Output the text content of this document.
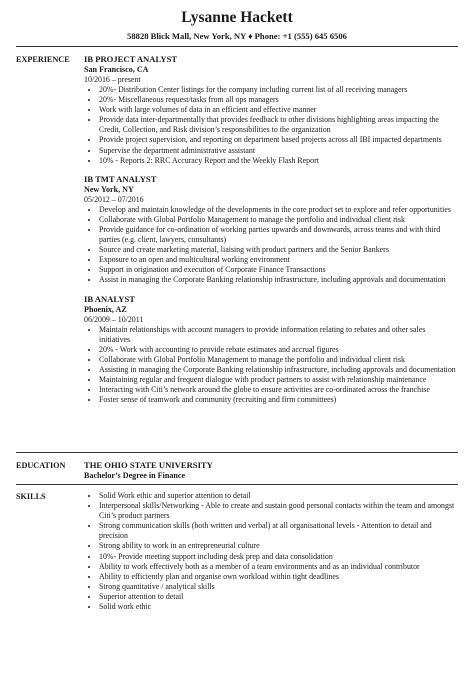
Lysanne Hackett
58828 Blick Mall, New York, NY ♦ Phone: +1 (555) 645 6506
EXPERIENCE IB PROJECT ANALYST
San Francisco, CA
10/2016 – present
• 20%- Distribution Center listings for the company including current list of all receiving managers
• 20%- Miscellaneous request/tasks from all ops managers
• Work with large volumes of data in an efficient and effective manner
• Provide data inter-departmentally that provides feedback to other divisions highlighting areas impacting the Credit, Collection, and Risk division’s responsibilities to the organization
• Provide project supervision, and reporting on department based projects across all IBI impacted departments
• Supervise the department administrative assistant
• 10% - Reports 2: RRC Accuracy Report and the Weekly Flash Report
IB TMT ANALYST
New York, NY
05/2012 – 07/2016
• Develop and maintain knowledge of the developments in the core product set to explore and refer opportunities
• Collaborate with Global Portfolio Management to manage the portfolio and individual client risk
• Provide guidance for co-ordination of working parties upwards and downwards, across teams and with third parties (e.g. client, lawyers, consultants)
• Source and create marketing material, liaising with product partners and the Senior Bankers
• Exposure to an open and multicultural working environment
• Support in origination and execution of Corporate Finance Transactions
• Assist in managing the Corporate Banking relationship infrastructure, including approvals and documentation
IB ANALYST
Phoenix, AZ
06/2009 – 10/2011
• Maintain relationships with account managers to provide information relating to rebates and other sales initiatives
• 20% - Work with accounting to provide rebate estimates and accrual figures
• Collaborate with Global Portfolio Management to manage the portfolio and individual client risk
• Assisting in managing the Corporate Banking relationship infrastructure, including approvals and documentation
• Maintaining regular and frequent dialogue with product partners to assist with relationship maintenance
• Interacting with Citi’s network around the globe to ensure activities are co-ordinated across the franchise
• Foster sense of teamwork and community (recruiting and firm committees)
EDUCATION THE OHIO STATE UNIVERSITY
Bachelor’s Degree in Finance
SKILLS
•	Solid Work ethic and superior attention to detail
• Interpersonal skills/Networking - Able to create and sustain good personal contacts within the team and amongst Citi’s product partners
• Strong communication skills (both written and verbal) at all organisational levels - Attention to detail and precision
• Strong ability to work in an entrepreneurial culture
• 10%- Provide meeting support including desk prep and data consolidation
• Ability to work effectively both as a member of a team environments and as an individual contributor
• Ability to efficiently plan and organise own workload within tight deadlines
• Strong quantitative / analytical skills
• Superior attention to detail
• Solid work ethic
